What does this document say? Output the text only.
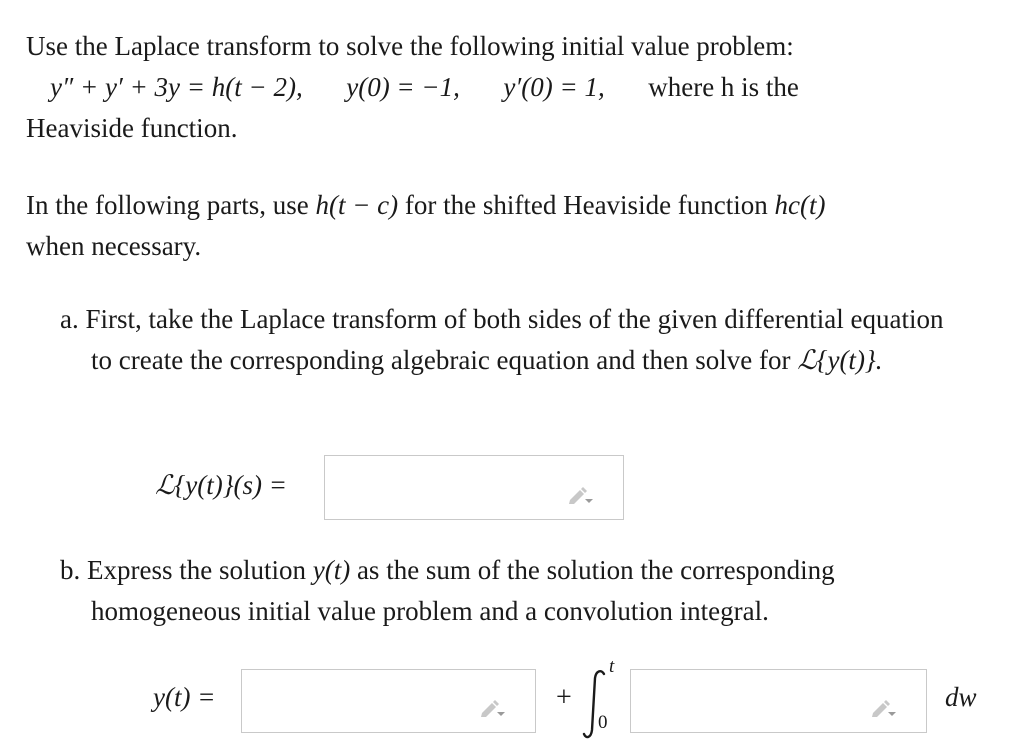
Use the Laplace transform to solve the following initial value problem:
y″ + y′ + 3y = h(t − 2), y(0) = −1, y′(0) = 1, where h is the
Heaviside function.
In the following parts, use h(t − c) for the shifted Heaviside function hc(t)
when necessary.
a. First, take the Laplace transform of both sides of the given differential equation to create the corresponding algebraic equation and then solve for ℒ{y(t)}.
ℒ{y(t)}(s) =
b. Express the solution y(t) as the sum of the solution the corresponding homogeneous initial value problem and a convolution integral.
y(t) =	+
t
0
dw
